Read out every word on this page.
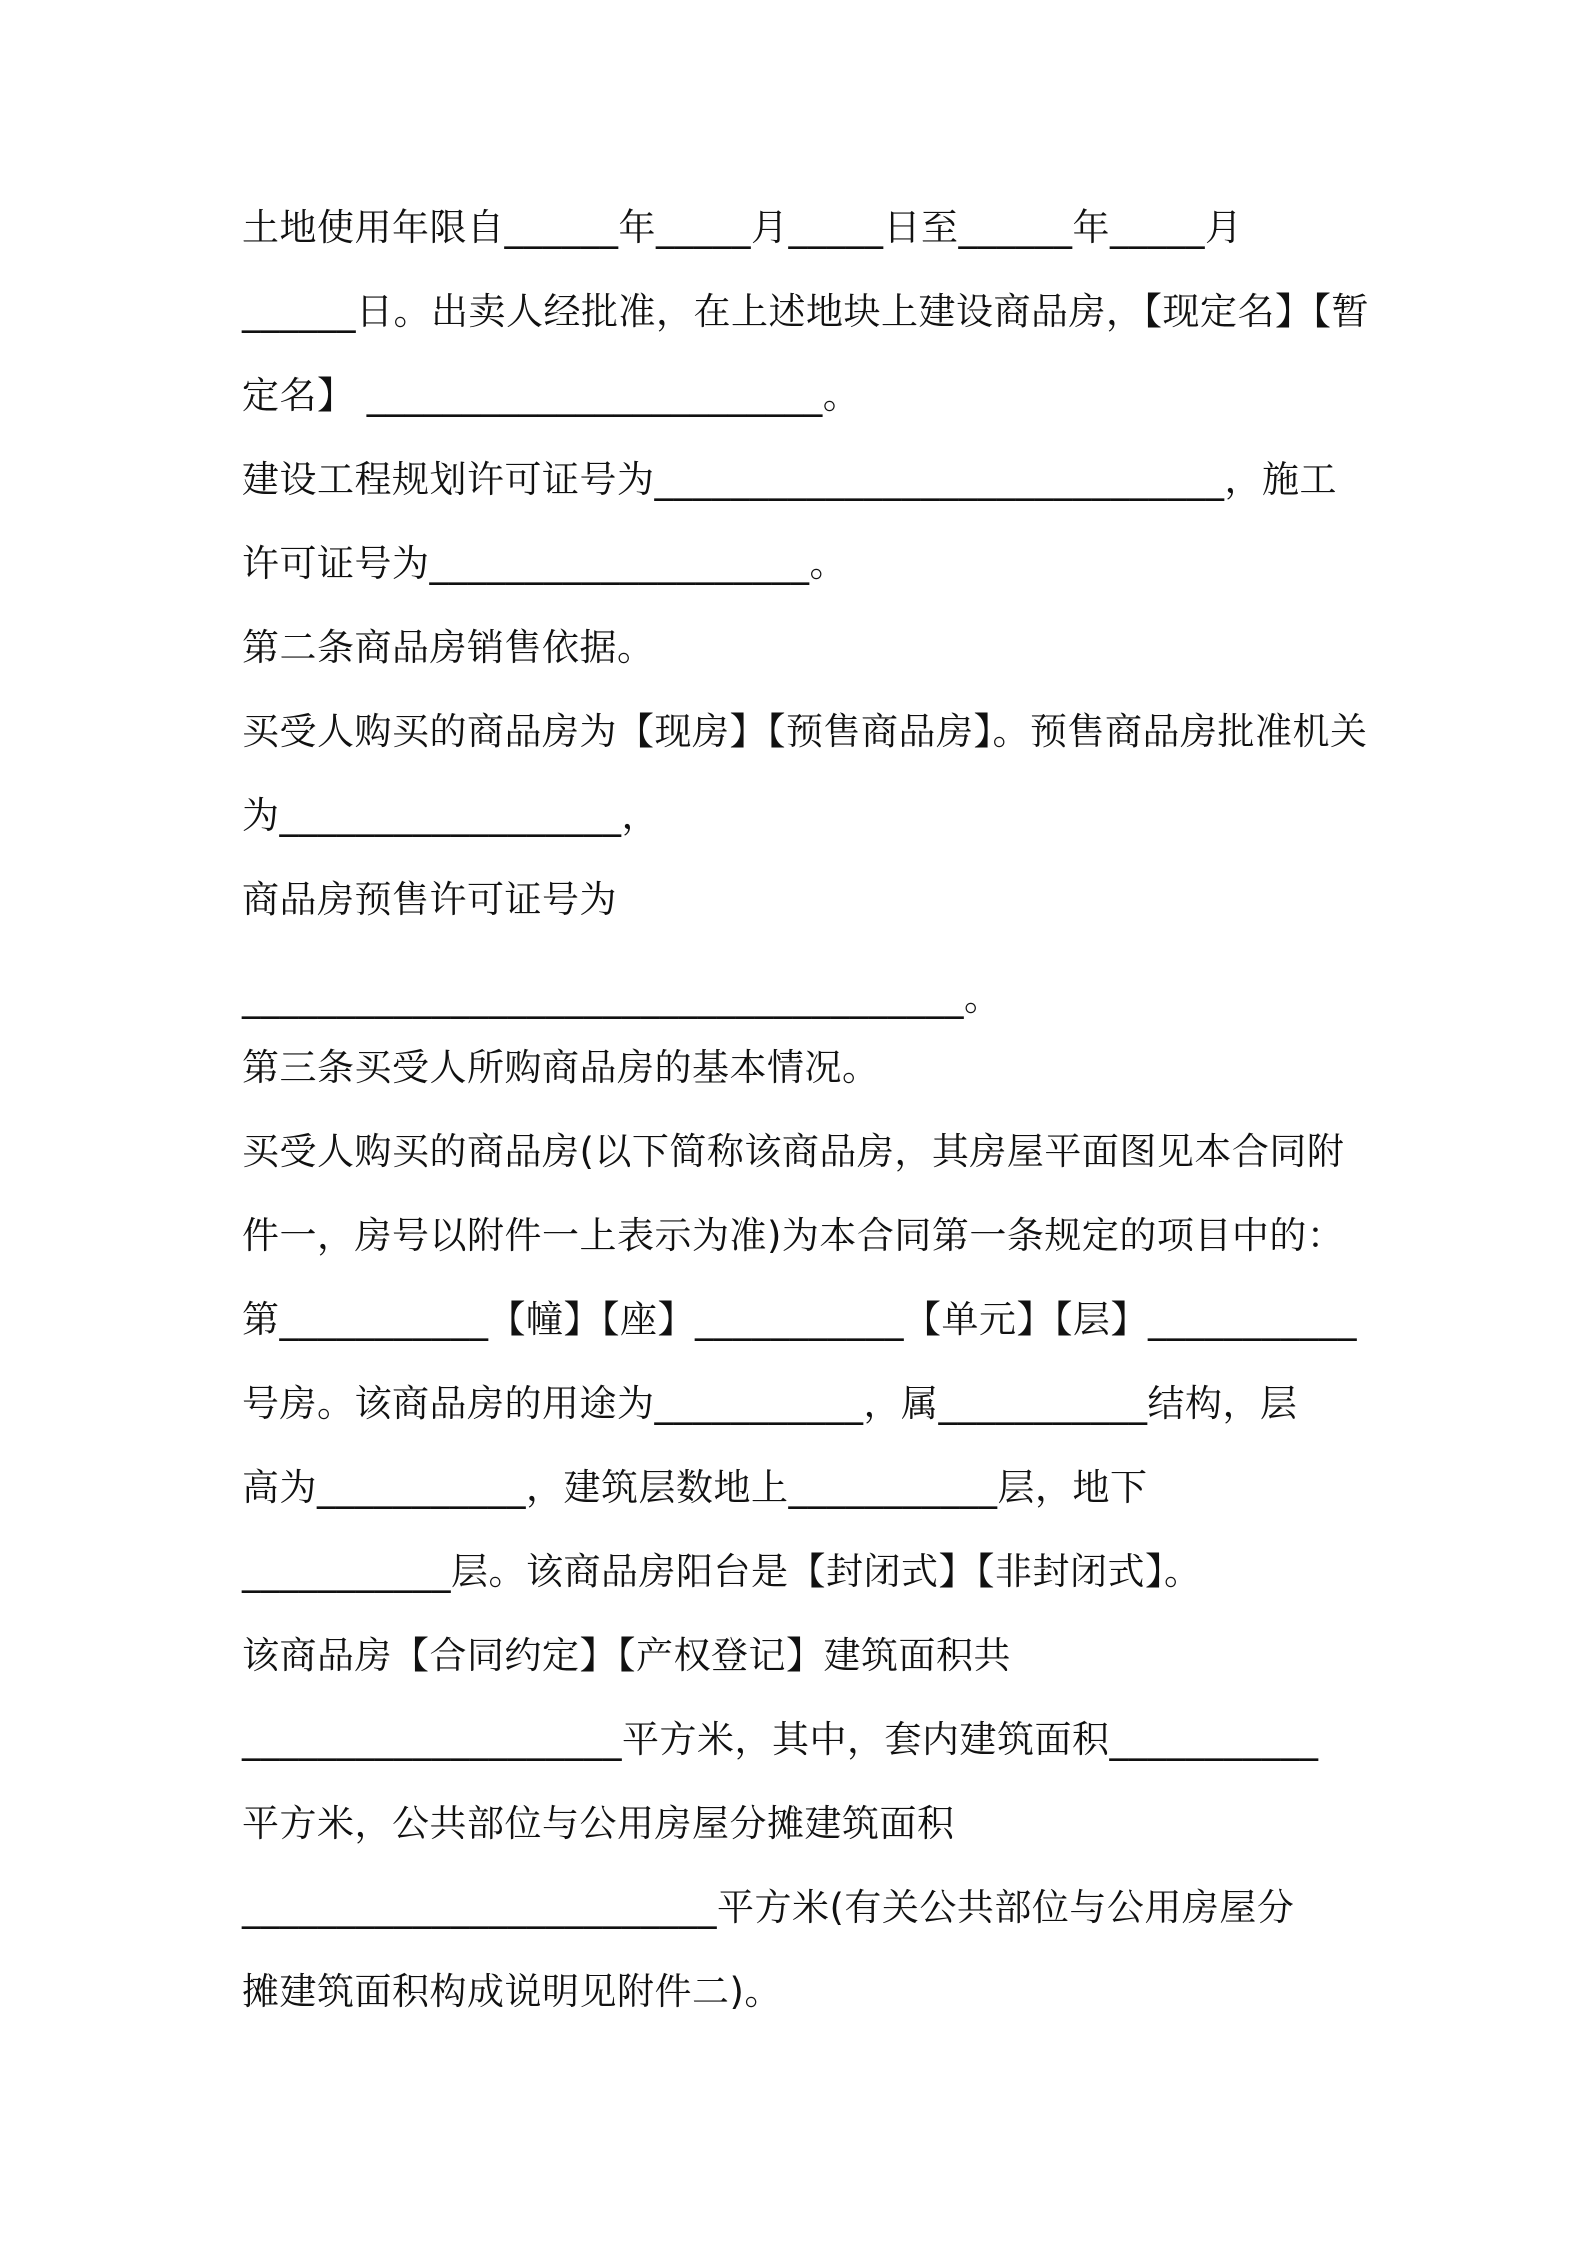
土地使用年限自______年_____月_____日至______年_____月
______日。出卖人经批准，在上述地块上建设商品房，【现定名】【暂
定名】 ________________________。
建设工程规划许可证号为______________________________，施工
许可证号为____________________。
第二条商品房销售依据。
买受人购买的商品房为【现房】【预售商品房】。预售商品房批准机关
为__________________，
商品房预售许可证号为
______________________________________。
第三条买受人所购商品房的基本情况。
买受人购买的商品房(以下简称该商品房，其房屋平面图见本合同附
件一，房号以附件一上表示为准)为本合同第一条规定的项目中的：
第___________【幢】【座】___________【单元】【层】___________
号房。该商品房的用途为___________，属___________结构，层
高为___________，建筑层数地上___________层，地下
___________层。该商品房阳台是【封闭式】【非封闭式】。
该商品房【合同约定】【产权登记】建筑面积共
____________________平方米，其中，套内建筑面积___________
平方米，公共部位与公用房屋分摊建筑面积
_________________________平方米(有关公共部位与公用房屋分
摊建筑面积构成说明见附件二)。
